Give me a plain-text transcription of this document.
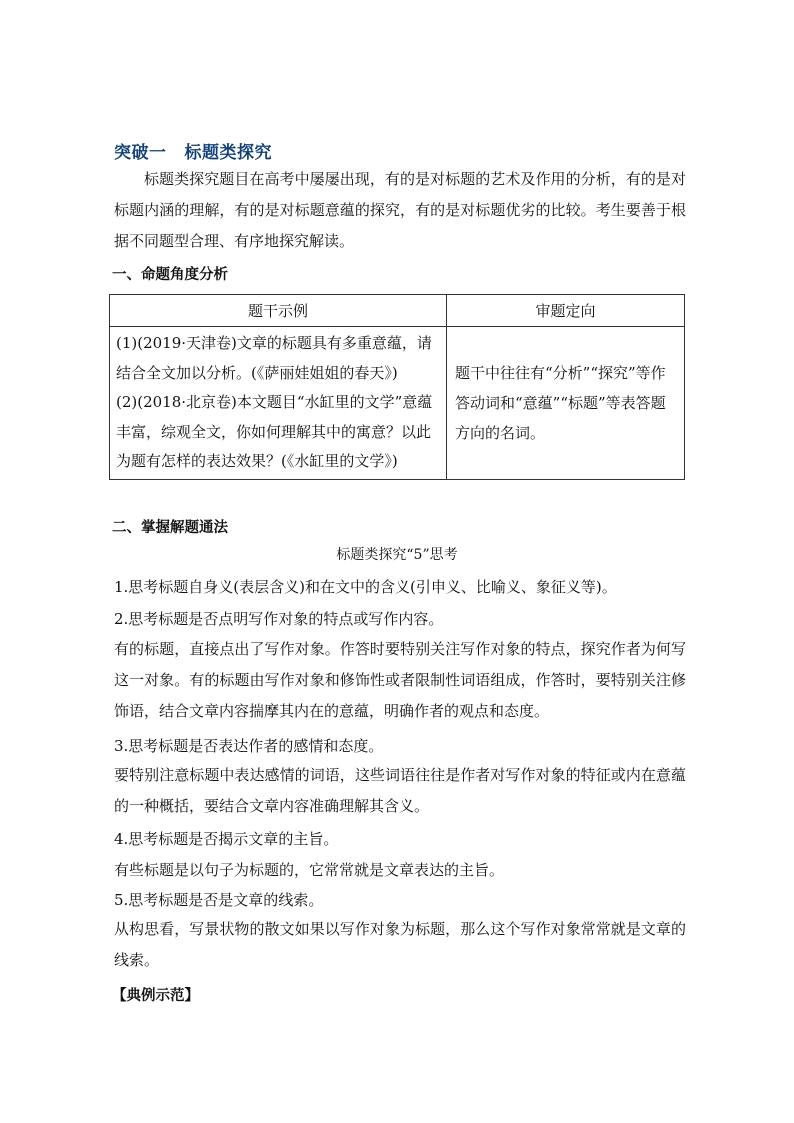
突破一 标题类探究
标题类探究题目在高考中屡屡出现，有的是对标题的艺术及作用的分析，有的是对标题内涵的理解，有的是对标题意蕴的探究，有的是对标题优劣的比较。考生要善于根据不同题型合理、有序地探究解读。
一、命题角度分析
题干示例	审题定向

(1)(2019·天津卷)文章的标题具有多重意蕴，请结合全文加以分析。(《萨丽娃姐姐的春天》)
(2)(2018·北京卷)本文题目“水缸里的文学”意蕴丰富，综观全文，你如何理解其中的寓意？以此为题有怎样的表达效果？(《水缸里的文学》)	题干中往往有“分析”“探究”等作答动词和“意蕴”“标题”等表答题方向的名词。
二、掌握解题通法
标题类探究“5”思考
1.思考标题自身义(表层含义)和在文中的含义(引申义、比喻义、象征义等)。
2.思考标题是否点明写作对象的特点或写作内容。
有的标题，直接点出了写作对象。作答时要特别关注写作对象的特点，探究作者为何写这一对象。有的标题由写作对象和修饰性或者限制性词语组成，作答时，要特别关注修饰语，结合文章内容揣摩其内在的意蕴，明确作者的观点和态度。
3.思考标题是否表达作者的感情和态度。
要特别注意标题中表达感情的词语，这些词语往往是作者对写作对象的特征或内在意蕴的一种概括，要结合文章内容准确理解其含义。
4.思考标题是否揭示文章的主旨。
有些标题是以句子为标题的，它常常就是文章表达的主旨。
5.思考标题是否是文章的线索。
从构思看，写景状物的散文如果以写作对象为标题，那么这个写作对象常常就是文章的线索。
【典例示范】
